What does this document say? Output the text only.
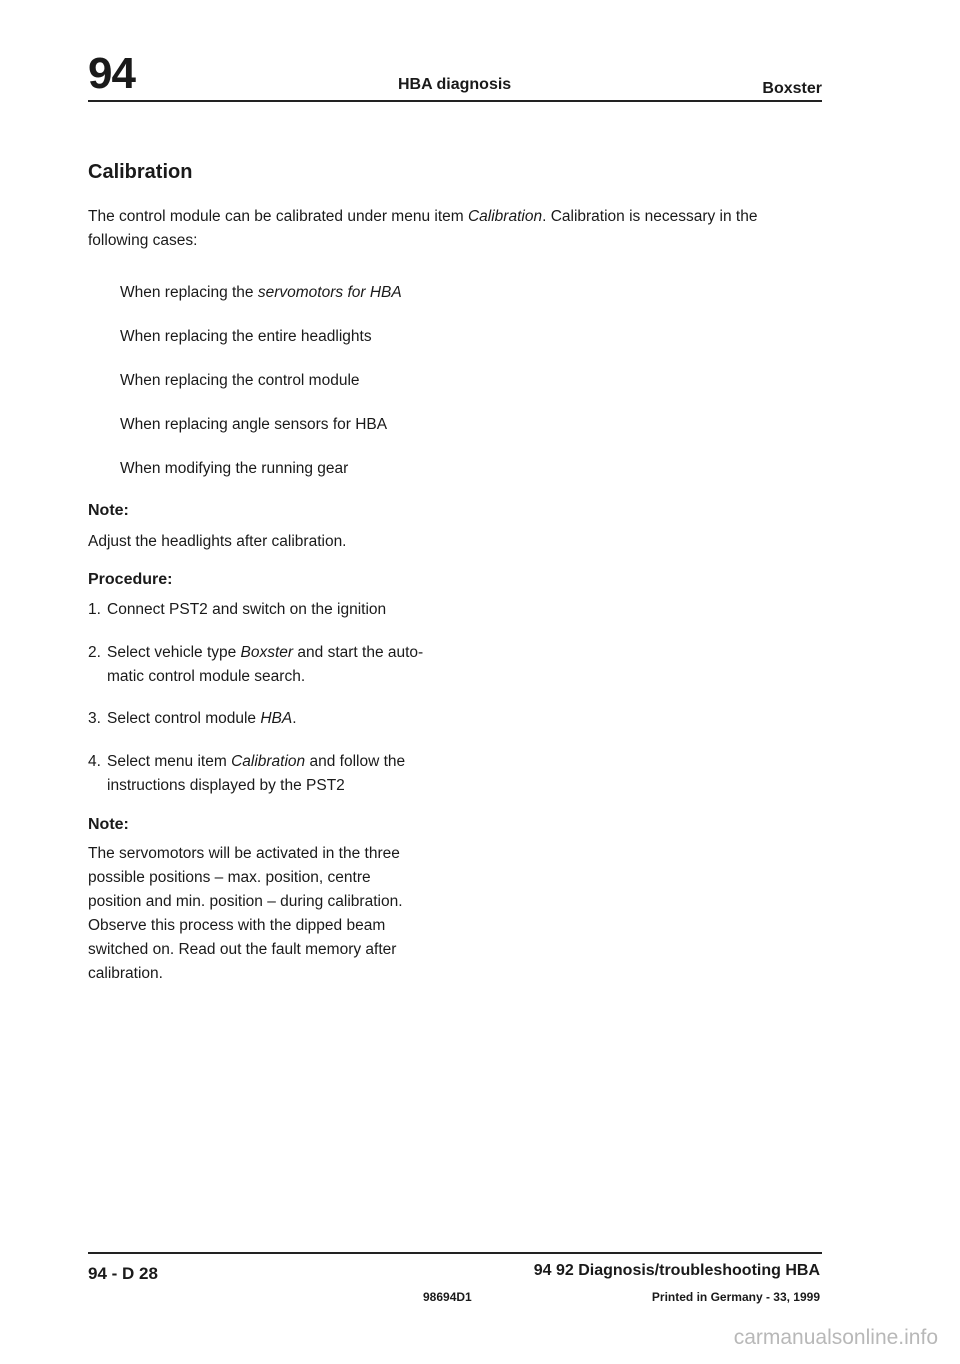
94	HBA diagnosis	Boxster
Calibration
The control module can be calibrated under menu item Calibration. Calibration is necessary in the following cases:
When replacing the servomotors for HBA
When replacing the entire headlights
When replacing the control module
When replacing angle sensors for HBA
When modifying the running gear
Note:
Adjust the headlights after calibration.
Procedure:
1. Connect PST2 and switch on the ignition
2. Select vehicle type Boxster and start the auto-
matic control module search.
3. Select control module HBA.
4. Select menu item Calibration and follow the
instructions displayed by the PST2
Note:
The servomotors will be activated in the three possible positions – max. position, centre position and min. position – during calibration. Observe this process with the dipped beam switched on. Read out the fault memory after calibration.
94 - D 28	94 92 Diagnosis/troubleshooting HBA
98694D1	Printed in Germany - 33, 1999
carmanualsonline.info
